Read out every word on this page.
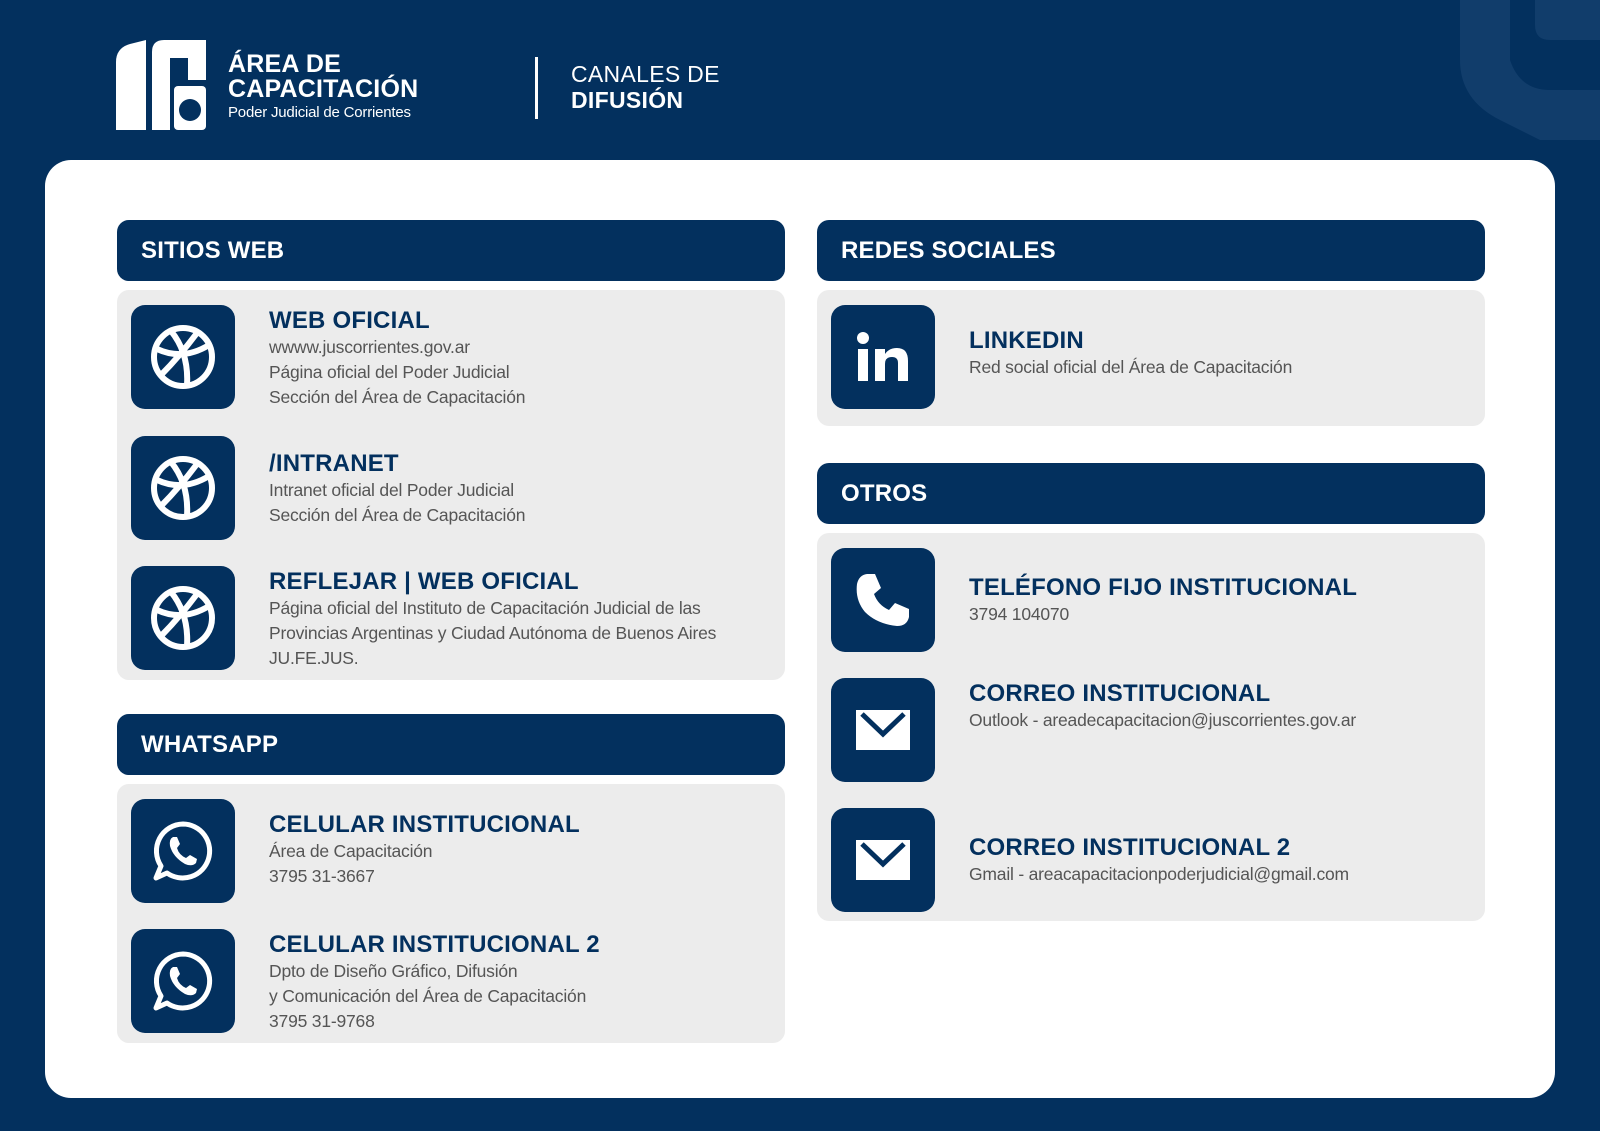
ÁREA DE
CAPACITACIÓN
Poder Judicial de Corrientes
CANALES DE
DIFUSIÓN
SITIOS WEB
WEB OFICIAL
wwww.juscorrientes.gov.ar
Página oficial del Poder Judicial
Sección del Área de Capacitación
/INTRANET
Intranet oficial del Poder Judicial
Sección del Área de Capacitación
REFLEJAR | WEB OFICIAL
Página oficial del Instituto de Capacitación Judicial de las
Provincias Argentinas y Ciudad Autónoma de Buenos Aires
JU.FE.JUS.
WHATSAPP
CELULAR INSTITUCIONAL
Área de Capacitación
3795 31-3667
CELULAR INSTITUCIONAL 2
Dpto de Diseño Gráfico, Difusión
y Comunicación del Área de Capacitación
3795 31-9768
REDES SOCIALES
LINKEDIN
Red social oficial del Área de Capacitación
OTROS
TELÉFONO FIJO INSTITUCIONAL
3794 104070
CORREO INSTITUCIONAL
Outlook - areadecapacitacion@juscorrientes.gov.ar
CORREO INSTITUCIONAL 2
Gmail - areacapacitacionpoderjudicial@gmail.com
